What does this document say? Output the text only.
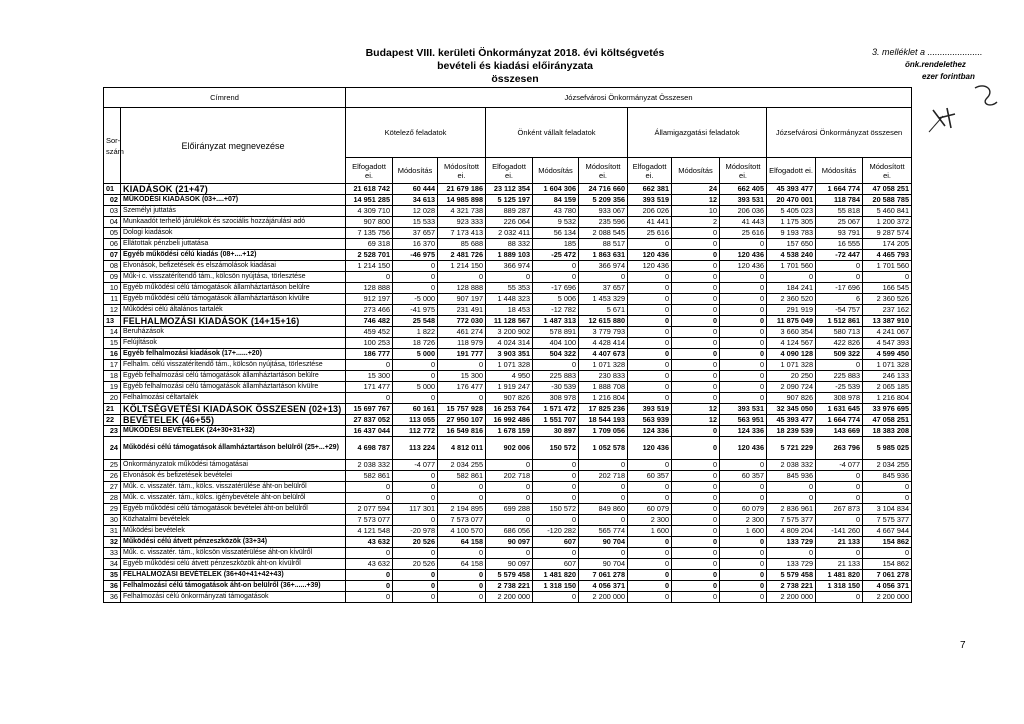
Budapest VIII. kerületi Önkormányzat 2018. évi költségvetés
bevételi és kiadási előirányzata
összesen
3. melléklet a ......................
önk.rendelethez
ezer forintban
Címrend		Józsefvárosi Önkormányzat Összesen											
Sor-szám	Előirányzat megnevezése	Kötelező feladatok			Önként vállalt feladatok			Államigazgatási feladatok			Józsefvárosi Önkormányzat összesen		
		Elfogadott ei.	Módosítás	Módosított ei.	Elfogadott ei.	Módosítás	Módosított ei.	Elfogadott ei.	Módosítás	Módosított ei.	Elfogadott ei.	Módosítás	Módosított ei.
01	KIADÁSOK (21+47)	21 618 742	60 444	21 679 186	23 112 354	1 604 306	24 716 660	662 381	24	662 405	45 393 477	1 664 774	47 058 251
02	MŰKÖDÉSI KIADÁSOK (03+....+07)	14 951 285	34 613	14 985 898	5 125 197	84 159	5 209 356	393 519	12	393 531	20 470 001	118 784	20 588 785
03	Személyi juttatás	4 309 710	12 028	4 321 738	889 287	43 780	933 067	206 026	10	206 036	5 405 023	55 818	5 460 841
04	Munkaadót terhelő járulékok és szociális hozzájárulási adó	907 800	15 533	923 333	226 064	9 532	235 596	41 441	2	41 443	1 175 305	25 067	1 200 372
05	Dologi kiadások	7 135 756	37 657	7 173 413	2 032 411	56 134	2 088 545	25 616	0	25 616	9 193 783	93 791	9 287 574
06	Ellátottak pénzbeli juttatása	69 318	16 370	85 688	88 332	185	88 517	0	0	0	157 650	16 555	174 205
07	Egyéb működési célú kiadás (08+....+12)	2 528 701	-46 975	2 481 726	1 889 103	-25 472	1 863 631	120 436	0	120 436	4 538 240	-72 447	4 465 793
08	Elvonások, befizetések és elszámolások kiadásai	1 214 150	0	1 214 150	366 974	0	366 974	120 436	0	120 436	1 701 560	0	1 701 560
09	Műk-i c. visszatérítendő tám., kölcsön nyújtása, törlesztése	0	0	0	0	0	0	0	0	0	0	0	0
10	Egyéb működési célú támogatások államháztartáson belülre	128 888	0	128 888	55 353	-17 696	37 657	0	0	0	184 241	-17 696	166 545
11	Egyéb működési célú támogatások államháztartáson kívülre	912 197	-5 000	907 197	1 448 323	5 006	1 453 329	0	0	0	2 360 520	6	2 360 526
12	Működési célú általános tartalék	273 466	-41 975	231 491	18 453	-12 782	5 671	0	0	0	291 919	-54 757	237 162
13	FELHALMOZÁSI KIADÁSOK (14+15+16)	746 482	25 548	772 030	11 128 567	1 487 313	12 615 880	0	0	0	11 875 049	1 512 861	13 387 910
14	Beruházások	459 452	1 822	461 274	3 200 902	578 891	3 779 793	0	0	0	3 660 354	580 713	4 241 067
15	Felújítások	100 253	18 726	118 979	4 024 314	404 100	4 428 414	0	0	0	4 124 567	422 826	4 547 393
16	Egyéb felhalmozási kiadások (17+......+20)	186 777	5 000	191 777	3 903 351	504 322	4 407 673	0	0	0	4 090 128	509 322	4 599 450
17	Felhalm. célú visszatérítendő tám., kölcsön nyújtása, törlesztése	0	0	0	1 071 328	0	1 071 328	0	0	0	1 071 328	0	1 071 328
18	Egyéb felhalmozási célú támogatások államháztartáson belülre	15 300	0	15 300	4 950	225 883	230 833	0	0	0	20 250	225 883	246 133
19	Egyéb felhalmozási célú támogatások államháztartáson kívülre	171 477	5 000	176 477	1 919 247	-30 539	1 888 708	0	0	0	2 090 724	-25 539	2 065 185
20	Felhalmozási céltartalék	0	0	0	907 826	308 978	1 216 804	0	0	0	907 826	308 978	1 216 804
21	KÖLTSÉGVETÉSI KIADÁSOK ÖSSZESEN (02+13)	15 697 767	60 161	15 757 928	16 253 764	1 571 472	17 825 236	393 519	12	393 531	32 345 050	1 631 645	33 976 695
22	BEVÉTELEK (46+55)	27 837 052	113 055	27 950 107	16 992 486	1 551 707	18 544 193	563 939	12	563 951	45 393 477	1 664 774	47 058 251
23	MŰKÖDÉSI BEVÉTELEK (24+30+31+32)	16 437 044	112 772	16 549 816	1 678 159	30 897	1 709 056	124 336	0	124 336	18 239 539	143 669	18 383 208
24	Működési célú támogatások államháztartáson belülről (25+...+29)	4 698 787	113 224	4 812 011	902 006	150 572	1 052 578	120 436	0	120 436	5 721 229	263 796	5 985 025
25	Önkormányzatok működési támogatásai	2 038 332	-4 077	2 034 255	0	0	0	0	0	0	2 038 332	-4 077	2 034 255
26	Elvonások és befizetések bevételei	582 861	0	582 861	202 718	0	202 718	60 357	0	60 357	845 936	0	845 936
27	Műk. c. visszatér. tám., kölcs. visszatérülése áht-on belülről	0	0	0	0	0	0	0	0	0	0	0	0
28	Műk. c. visszatér. tám., kölcs. igénybevétele áht-on belülről	0	0	0	0	0	0	0	0	0	0	0	0
29	Egyéb működési célú támogatások bevételei áht-on belülről	2 077 594	117 301	2 194 895	699 288	150 572	849 860	60 079	0	60 079	2 836 961	267 873	3 104 834
30	Közhatalmi bevételek	7 573 077	0	7 573 077	0	0	0	2 300	0	2 300	7 575 377	0	7 575 377
31	Működési bevételek	4 121 548	-20 978	4 100 570	686 056	-120 282	565 774	1 600	0	1 600	4 809 204	-141 260	4 667 944
32	Működési célú átvett pénzeszközök (33+34)	43 632	20 526	64 158	90 097	607	90 704	0	0	0	133 729	21 133	154 862
33	Műk. c. visszatér. tám., kölcsön visszatérülése áht-on kívülről	0	0	0	0	0	0	0	0	0	0	0	0
34	Egyéb működési célú átvett pénzeszközök áht-on kívülről	43 632	20 526	64 158	90 097	607	90 704	0	0	0	133 729	21 133	154 862
35	FELHALMOZÁSI BEVÉTELEK (36+40+41+42+43)	0	0	0	5 579 458	1 481 820	7 061 278	0	0	0	5 579 458	1 481 820	7 061 278
36	Felhalmozási célú támogatások áht-on belülről (36+......+39)	0	0	0	2 738 221	1 318 150	4 056 371	0	0	0	2 738 221	1 318 150	4 056 371
36	Felhalmozási célú önkormányzati támogatások	0	0	0	2 200 000	0	2 200 000	0	0	0	2 200 000	0	2 200 000
7
